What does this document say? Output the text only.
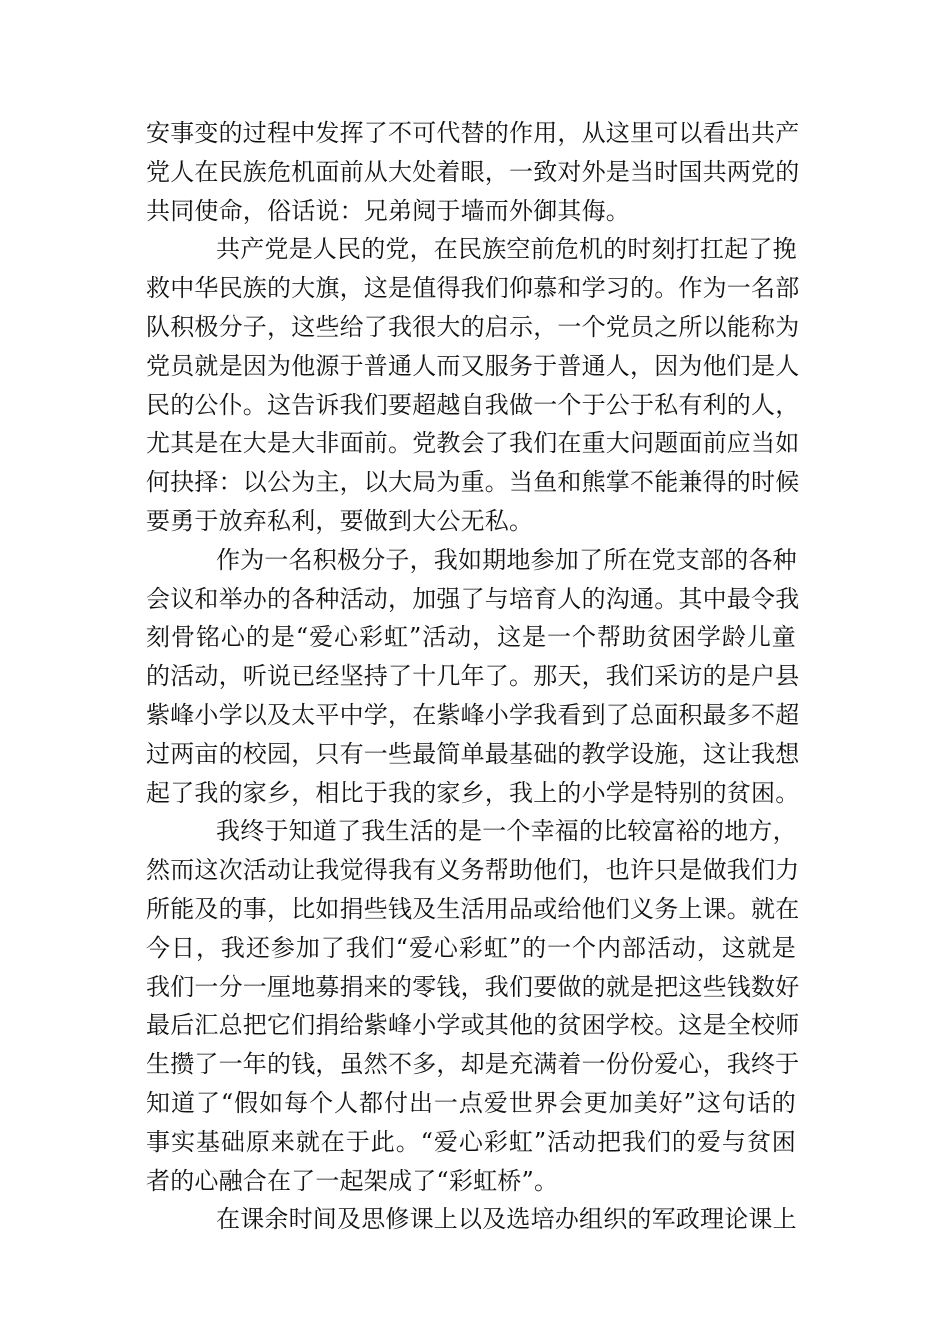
安事变的过程中发挥了不可代替的作用，从这里可以看出共产
党人在民族危机面前从大处着眼，一致对外是当时国共两党的
共同使命，俗话说：兄弟阋于墙而外御其侮。
共产党是人民的党，在民族空前危机的时刻打扛起了挽
救中华民族的大旗，这是值得我们仰慕和学习的。作为一名部
队积极分子，这些给了我很大的启示，一个党员之所以能称为
党员就是因为他源于普通人而又服务于普通人，因为他们是人
民的公仆。这告诉我们要超越自我做一个于公于私有利的人，
尤其是在大是大非面前。党教会了我们在重大问题面前应当如
何抉择：以公为主，以大局为重。当鱼和熊掌不能兼得的时候
要勇于放弃私利，要做到大公无私。
作为一名积极分子，我如期地参加了所在党支部的各种
会议和举办的各种活动，加强了与培育人的沟通。其中最令我
刻骨铭心的是“爱心彩虹”活动，这是一个帮助贫困学龄儿童
的活动，听说已经坚持了十几年了。那天，我们采访的是户县
紫峰小学以及太平中学，在紫峰小学我看到了总面积最多不超
过两亩的校园，只有一些最简单最基础的教学设施，这让我想
起了我的家乡，相比于我的家乡，我上的小学是特别的贫困。
我终于知道了我生活的是一个幸福的比较富裕的地方，
然而这次活动让我觉得我有义务帮助他们，也许只是做我们力
所能及的事，比如捐些钱及生活用品或给他们义务上课。就在
今日，我还参加了我们“爱心彩虹”的一个内部活动，这就是
我们一分一厘地募捐来的零钱，我们要做的就是把这些钱数好
最后汇总把它们捐给紫峰小学或其他的贫困学校。这是全校师
生攒了一年的钱，虽然不多，却是充满着一份份爱心，我终于
知道了“假如每个人都付出一点爱世界会更加美好”这句话的
事实基础原来就在于此。“爱心彩虹”活动把我们的爱与贫困
者的心融合在了一起架成了“彩虹桥”。
在课余时间及思修课上以及选培办组织的军政理论课上
